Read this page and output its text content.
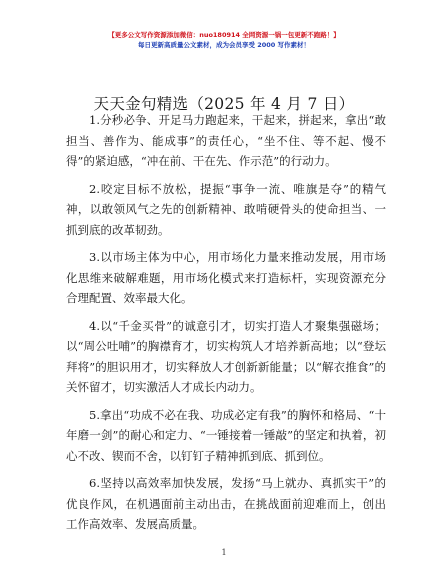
【更多公文写作资源添加微信：nuo180914 全网资源一锅一包更新不跑路！】
每日更新高质量公文素材，成为会员享受 2000 写作素材！
天天金句精选（2025 年 4 月 7 日）

1.分秒必争、开足马力跑起来，干起来，拼起来，拿出“敢担当、善作为、能成事”的责任心，“坐不住、等不起、慢不得”的紧迫感，“冲在前、干在先、作示范”的行动力。

2.咬定目标不放松，提振“事争一流、唯旗是夺”的精气神，以敢领风气之先的创新精神、敢啃硬骨头的使命担当、一抓到底的改革韧劲。

3.以市场主体为中心，用市场化力量来推动发展，用市场化思维来破解难题，用市场化模式来打造标杆，实现资源充分合理配置、效率最大化。

4.以“千金买骨”的诚意引才，切实打造人才聚集强磁场；以“周公吐哺”的胸襟育才，切实构筑人才培养新高地；以“登坛拜将”的胆识用才，切实释放人才创新新能量；以“解衣推食”的关怀留才，切实激活人才成长内动力。

5.拿出“功成不必在我、功成必定有我”的胸怀和格局、“十年磨一剑”的耐心和定力、“一锤接着一锤敲”的坚定和执着，初心不改、锲而不舍，以钉钉子精神抓到底、抓到位。

6.坚持以高效率加快发展，发扬“马上就办、真抓实干”的优良作风，在机遇面前主动出击，在挑战面前迎难而上，创出工作高效率、发展高质量。

1
